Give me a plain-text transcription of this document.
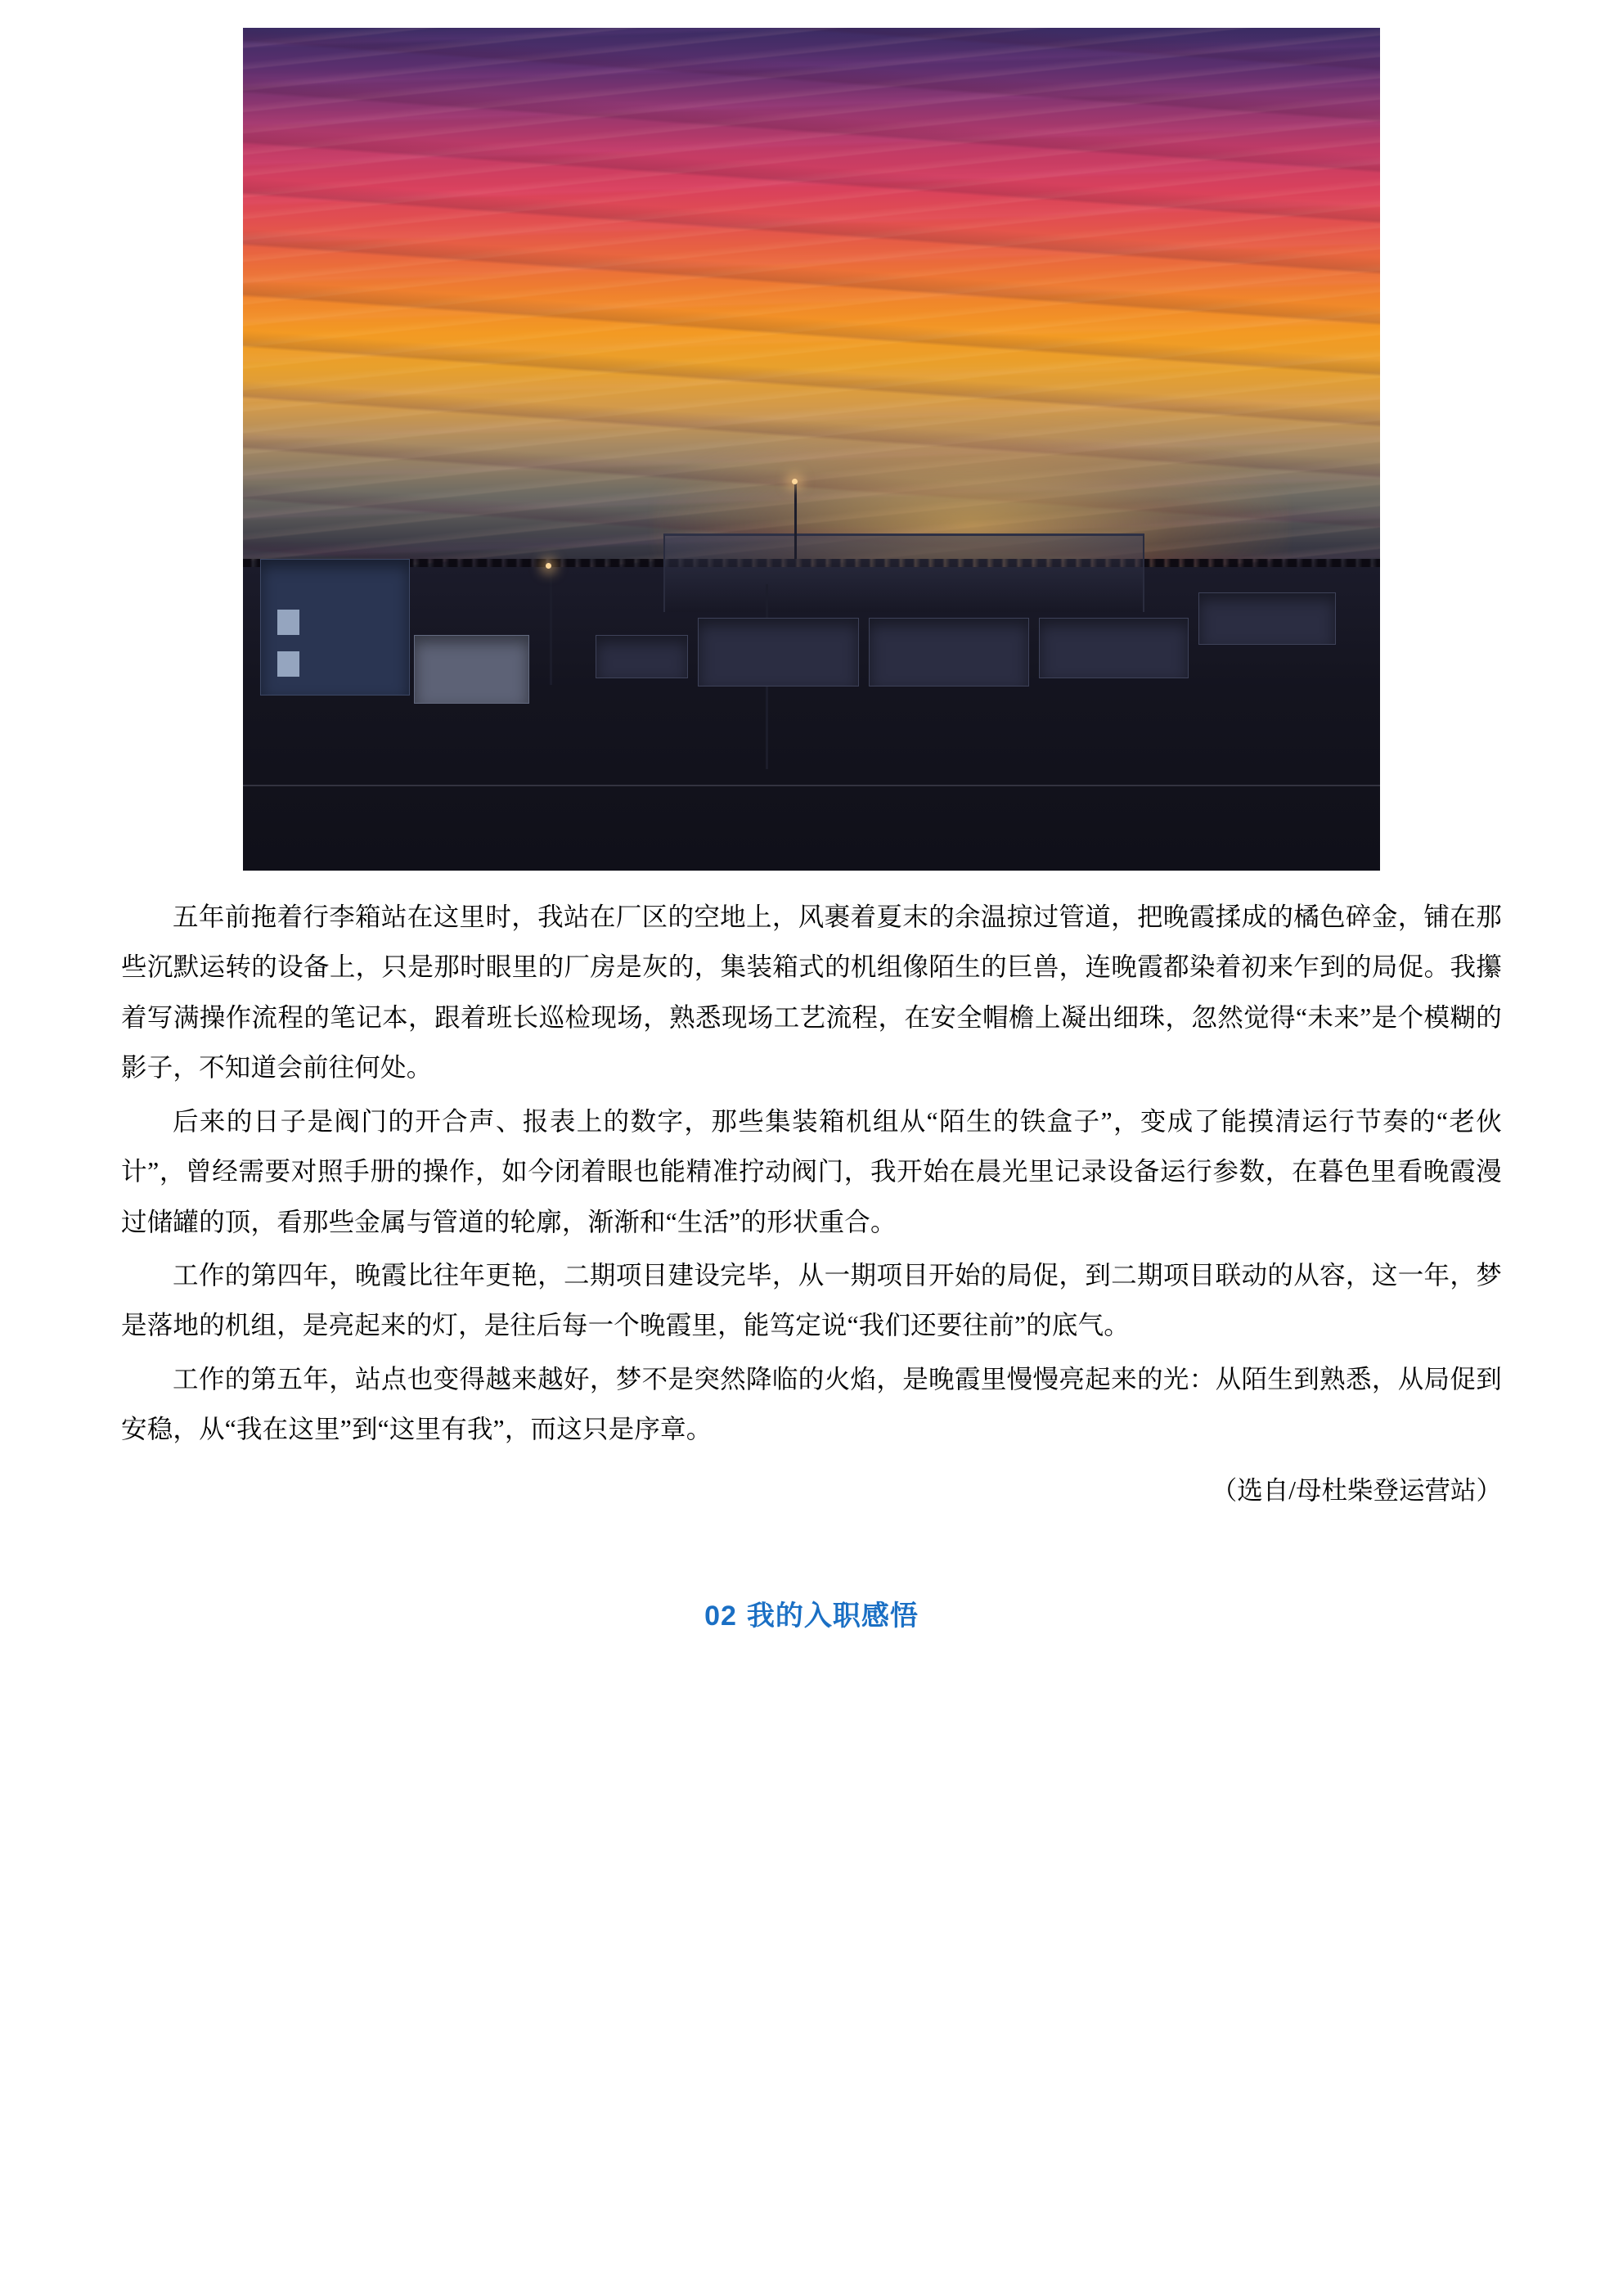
五年前拖着行李箱站在这里时，我站在厂区的空地上，风裹着夏末的余温掠过管道，把晚霞揉成的橘色碎金，铺在那些沉默运转的设备上，只是那时眼里的厂房是灰的，集装箱式的机组像陌生的巨兽，连晚霞都染着初来乍到的局促。我攥着写满操作流程的笔记本，跟着班长巡检现场，熟悉现场工艺流程，在安全帽檐上凝出细珠，忽然觉得“未来”是个模糊的影子，不知道会前往何处。

后来的日子是阀门的开合声、报表上的数字，那些集装箱机组从“陌生的铁盒子”，变成了能摸清运行节奏的“老伙计”，曾经需要对照手册的操作，如今闭着眼也能精准拧动阀门，我开始在晨光里记录设备运行参数，在暮色里看晚霞漫过储罐的顶，看那些金属与管道的轮廓，渐渐和“生活”的形状重合。

工作的第四年，晚霞比往年更艳，二期项目建设完毕，从一期项目开始的局促，到二期项目联动的从容，这一年，梦是落地的机组，是亮起来的灯，是往后每一个晚霞里，能笃定说“我们还要往前”的底气。

工作的第五年，站点也变得越来越好，梦不是突然降临的火焰，是晚霞里慢慢亮起来的光：从陌生到熟悉，从局促到安稳，从“我在这里”到“这里有我”，而这只是序章。

（选自/母杜柴登运营站）

02 我的入职感悟
